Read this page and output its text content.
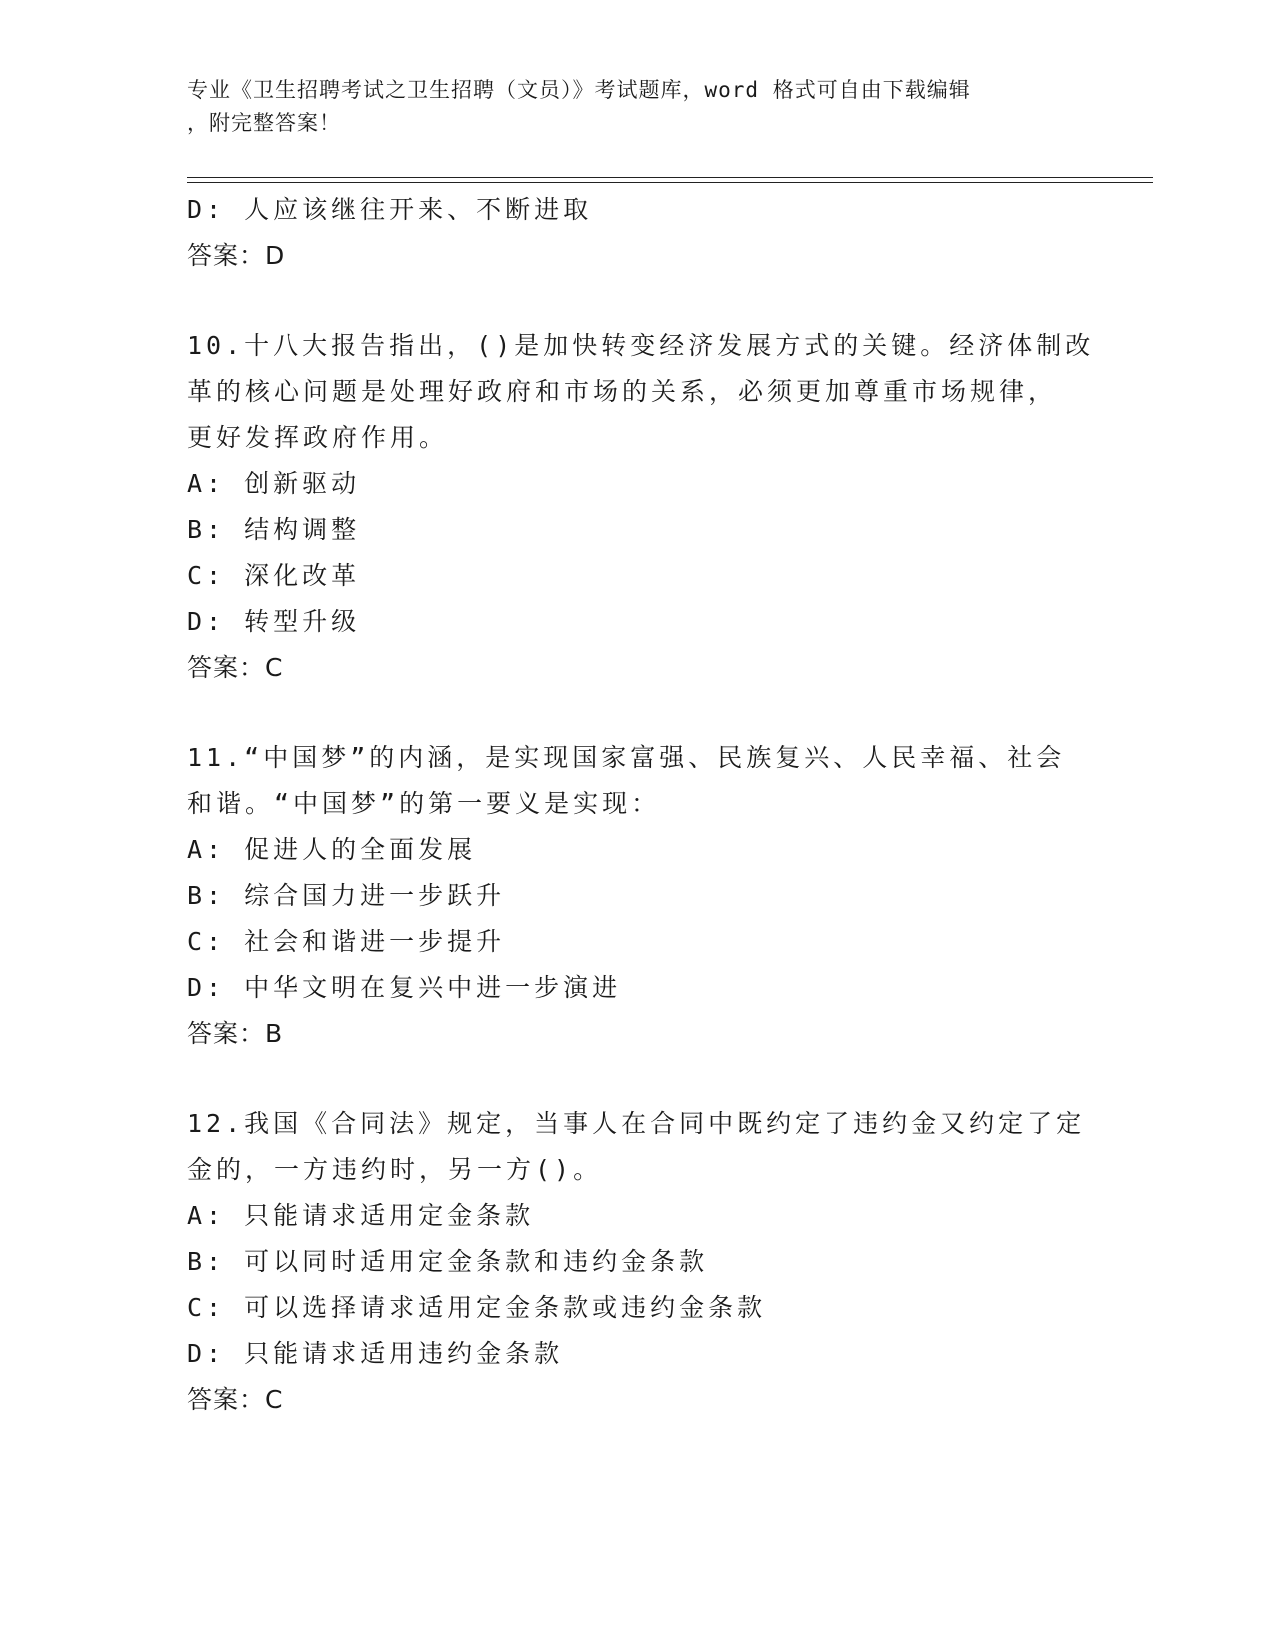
专业《卫生招聘考试之卫生招聘（文员）》考试题库，word 格式可自由下载编辑
，附完整答案！
D: 人应该继往开来、不断进取
答案：D
10.十八大报告指出，()是加快转变经济发展方式的关键。经济体制改
革的核心问题是处理好政府和市场的关系，必须更加尊重市场规律，
更好发挥政府作用。
A: 创新驱动
B: 结构调整
C: 深化改革
D: 转型升级
答案：C
11.“中国梦”的内涵，是实现国家富强、民族复兴、人民幸福、社会
和谐。“中国梦”的第一要义是实现：
A: 促进人的全面发展
B: 综合国力进一步跃升
C: 社会和谐进一步提升
D: 中华文明在复兴中进一步演进
答案：B
12.我国《合同法》规定，当事人在合同中既约定了违约金又约定了定
金的，一方违约时，另一方()。
A: 只能请求适用定金条款
B: 可以同时适用定金条款和违约金条款
C: 可以选择请求适用定金条款或违约金条款
D: 只能请求适用违约金条款
答案：C
